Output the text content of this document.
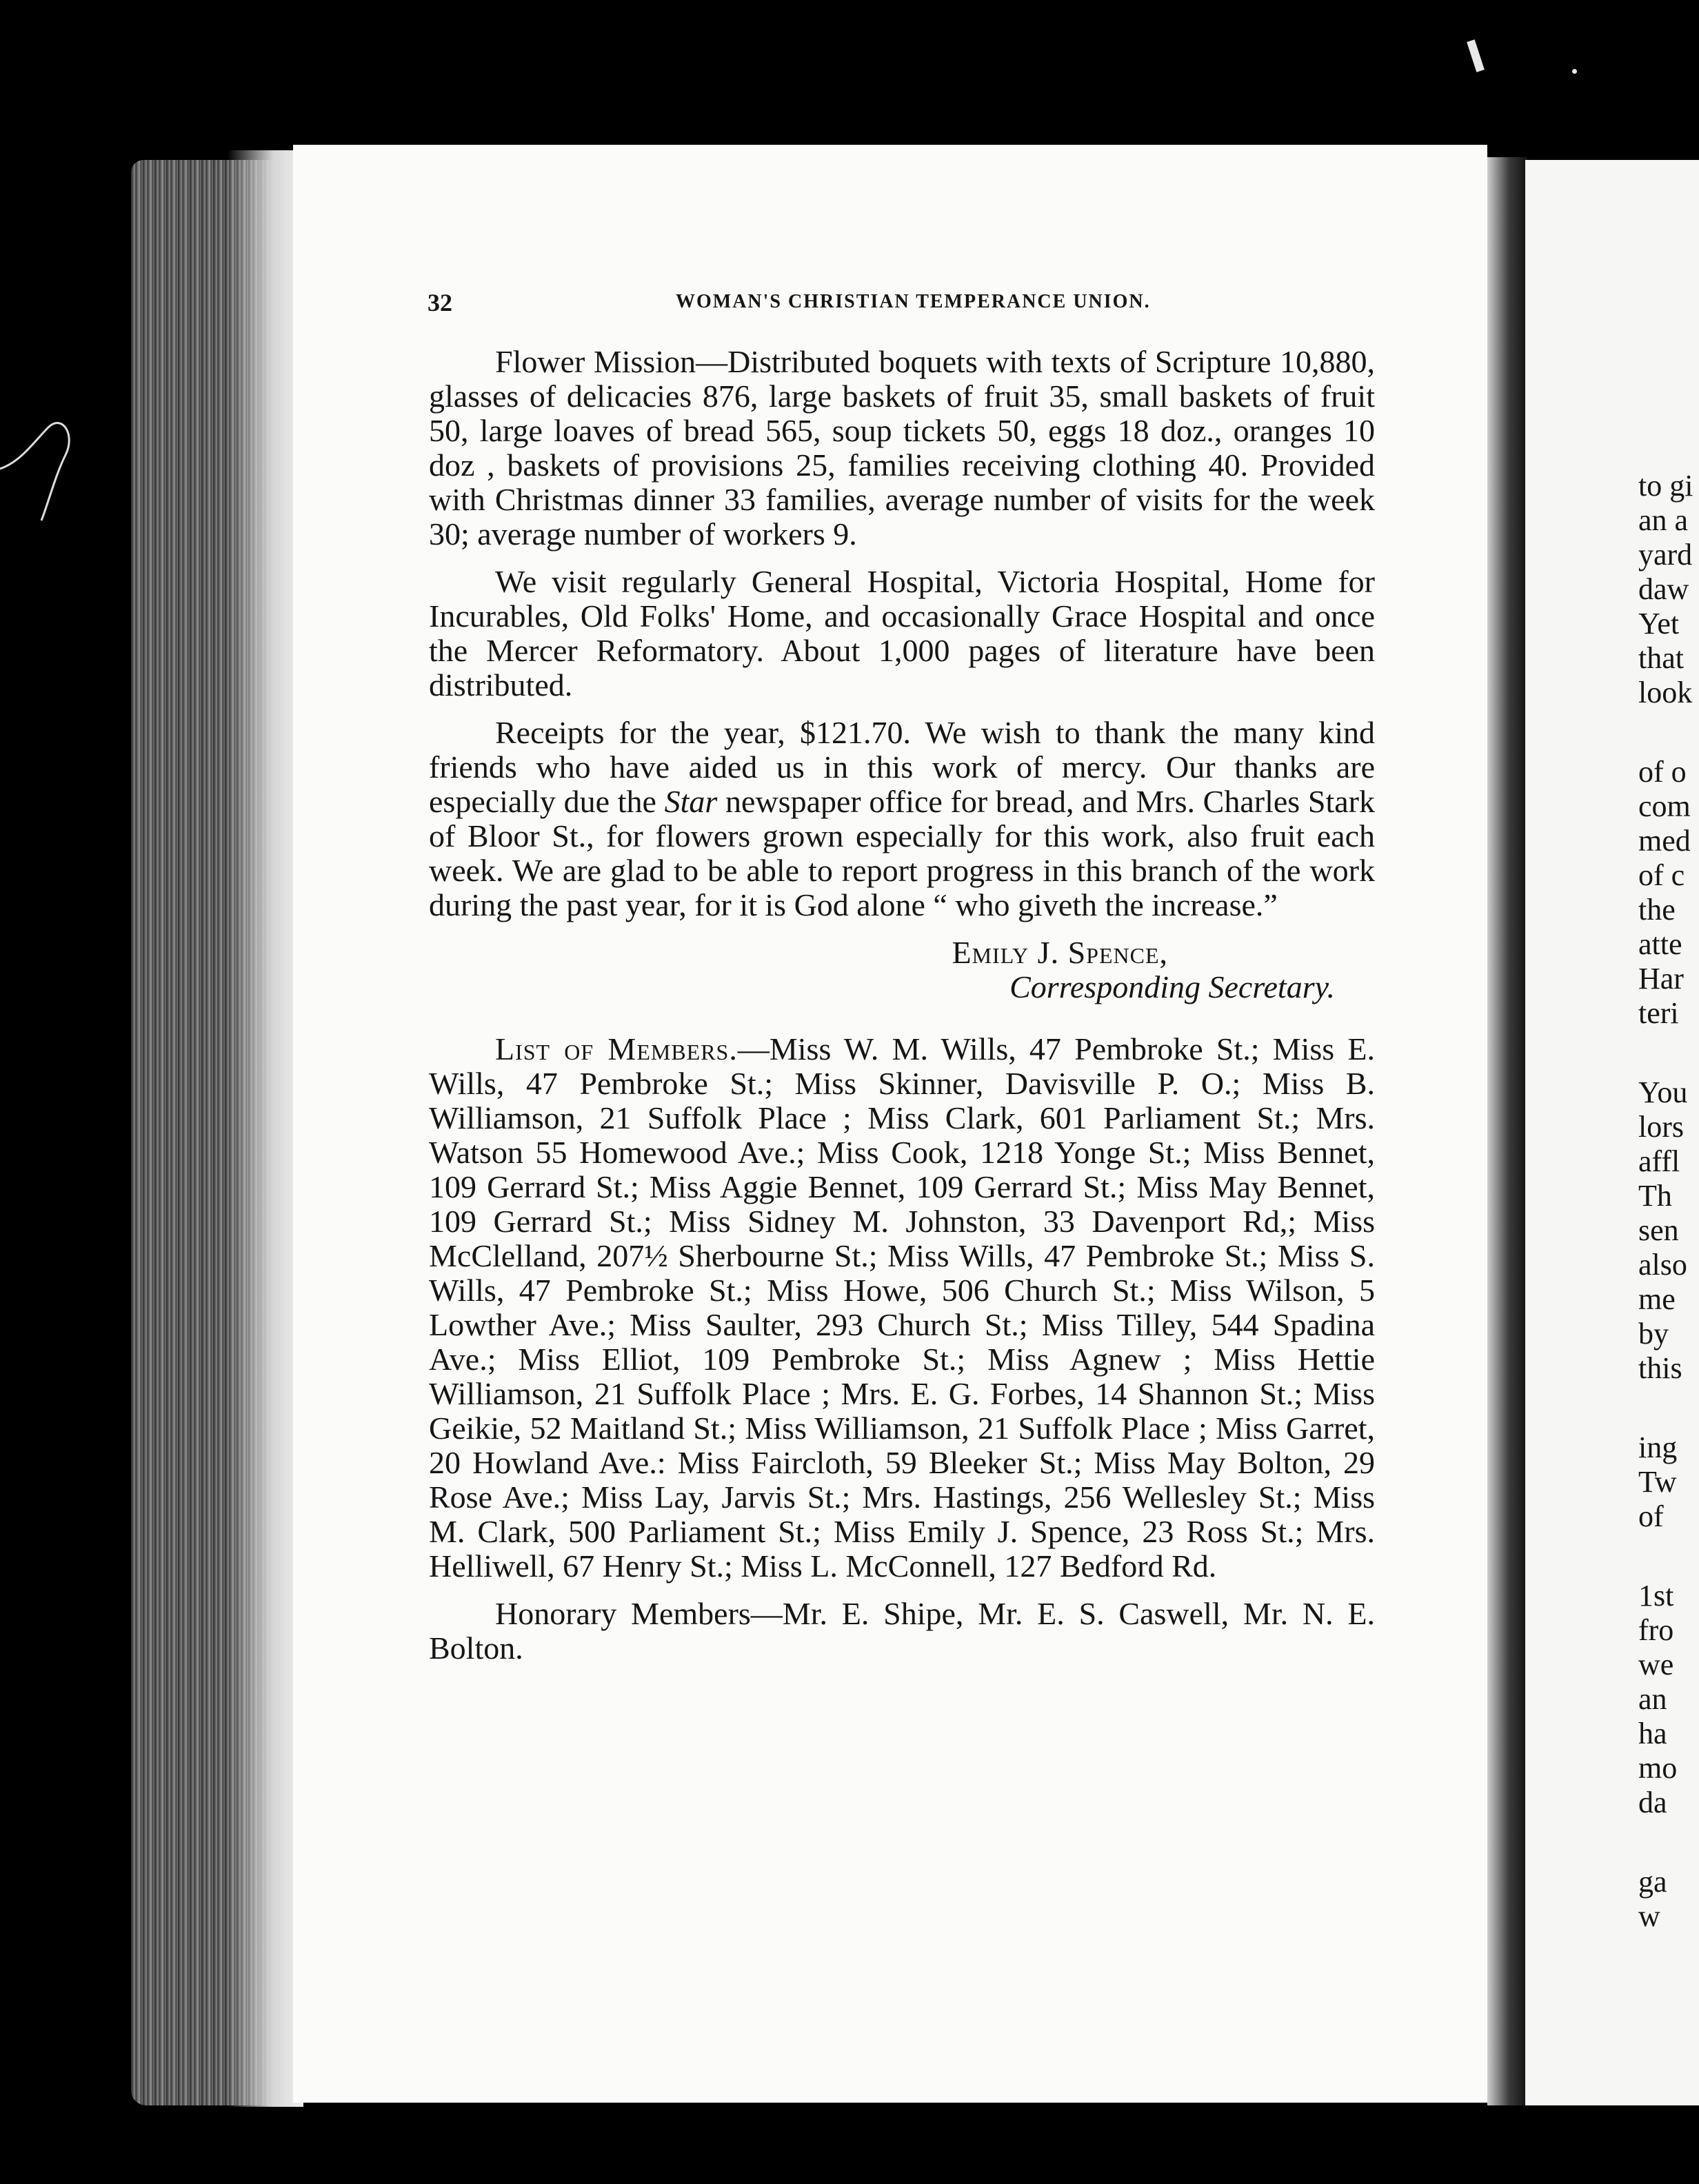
32	WOMAN'S CHRISTIAN TEMPERANCE UNION.

Flower Mission—Distributed boquets with texts of Scripture 10,880, glasses of delicacies 876, large baskets of fruit 35, small baskets of fruit 50, large loaves of bread 565, soup tickets 50, eggs 18 doz., oranges 10 doz , baskets of provisions 25, families receiving clothing 40. Provided with Christmas dinner 33 families, average number of visits for the week 30; average number of workers 9.

We visit regularly General Hospital, Victoria Hospital, Home for Incurables, Old Folks' Home, and occasionally Grace Hospital and once the Mercer Reformatory. About 1,000 pages of literature have been distributed.

Receipts for the year, $121.70. We wish to thank the many kind friends who have aided us in this work of mercy. Our thanks are especially due the Star newspaper office for bread, and Mrs. Charles Stark of Bloor St., for flowers grown especially for this work, also fruit each week. We are glad to be able to report progress in this branch of the work during the past year, for it is God alone “ who giveth the increase.”

Emily J. Spence,
Corresponding Secretary.

List of Members.—Miss W. M. Wills, 47 Pembroke St.; Miss E. Wills, 47 Pembroke St.; Miss Skinner, Davisville P. O.; Miss B. Williamson, 21 Suffolk Place ; Miss Clark, 601 Parliament St.; Mrs. Watson 55 Homewood Ave.; Miss Cook, 1218 Yonge St.; Miss Bennet, 109 Gerrard St.; Miss Aggie Bennet, 109 Gerrard St.; Miss May Bennet, 109 Gerrard St.; Miss Sidney M. Johnston, 33 Davenport Rd,; Miss McClelland, 207½ Sherbourne St.; Miss Wills, 47 Pembroke St.; Miss S. Wills, 47 Pembroke St.; Miss Howe, 506 Church St.; Miss Wilson, 5 Lowther Ave.; Miss Saulter, 293 Church St.; Miss Tilley, 544 Spadina Ave.; Miss Elliot, 109 Pembroke St.; Miss Agnew ; Miss Hettie Williamson, 21 Suffolk Place ; Mrs. E. G. Forbes, 14 Shannon St.; Miss Geikie, 52 Maitland St.; Miss Williamson, 21 Suffolk Place ; Miss Garret, 20 Howland Ave.: Miss Faircloth, 59 Bleeker St.; Miss May Bolton, 29 Rose Ave.; Miss Lay, Jarvis St.; Mrs. Hastings, 256 Wellesley St.; Miss M. Clark, 500 Parliament St.; Miss Emily J. Spence, 23 Ross St.; Mrs. Helliwell, 67 Henry St.; Miss L. McConnell, 127 Bedford Rd.

Honorary Members—Mr. E. Shipe, Mr. E. S. Caswell, Mr. N. E. Bolton.

to gi
an a
yard
daw
Yet
that
look
of o
com
med
of c
the
atte
Har
teri
You
lors
affl
Th
sen
also
me
by
this
ing
Tw
of
1st
fro
we
an
ha
mo
da
ga
w
